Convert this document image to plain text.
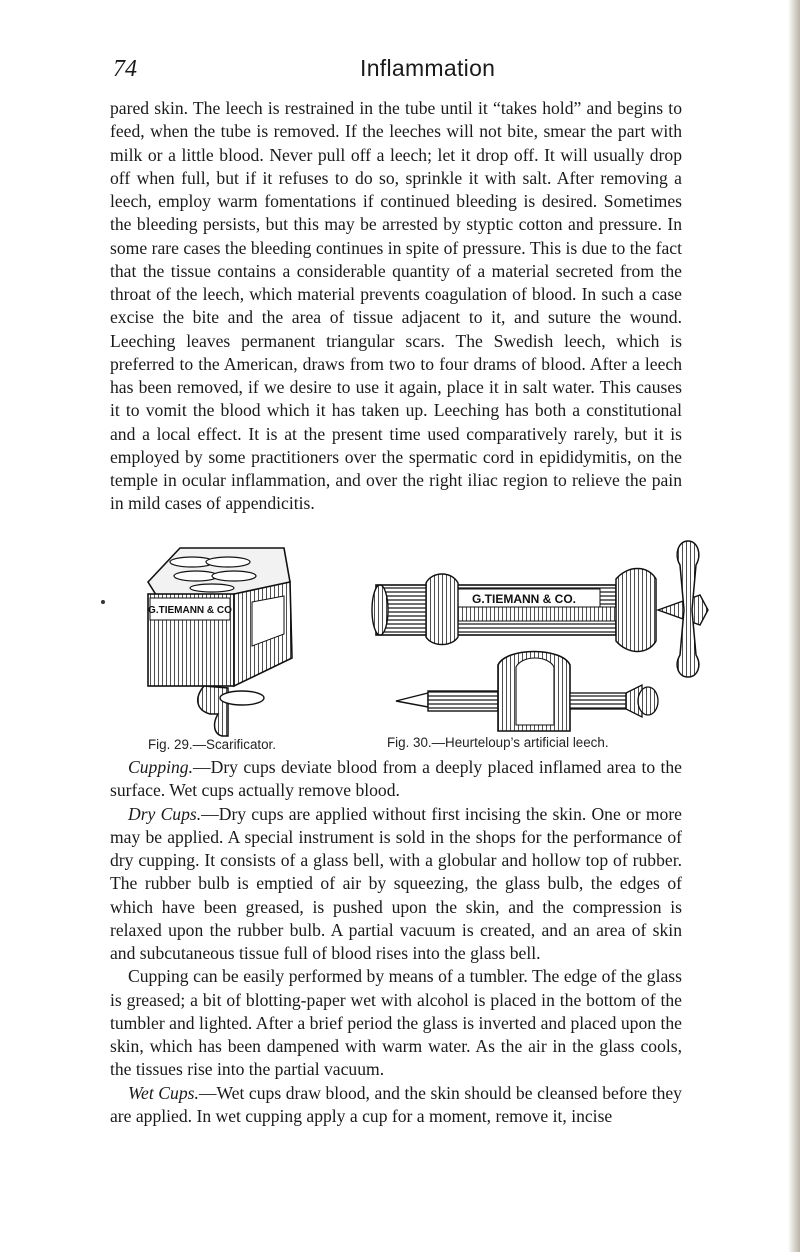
74	Inflammation

pared skin. The leech is restrained in the tube until it “takes hold” and begins to feed, when the tube is removed. If the leeches will not bite, smear the part with milk or a little blood. Never pull off a leech; let it drop off. It will usually drop off when full, but if it refuses to do so, sprinkle it with salt. After removing a leech, employ warm fomentations if continued bleeding is desired. Sometimes the bleeding persists, but this may be arrested by styptic cotton and pressure. In some rare cases the bleeding continues in spite of pressure. This is due to the fact that the tissue contains a considerable quantity of a material secreted from the throat of the leech, which material prevents coagulation of blood. In such a case excise the bite and the area of tissue adjacent to it, and suture the wound. Leeching leaves permanent triangular scars. The Swedish leech, which is preferred to the American, draws from two to four drams of blood. After a leech has been removed, if we desire to use it again, place it in salt water. This causes it to vomit the blood which it has taken up. Leeching has both a constitutional and a local effect. It is at the present time used comparatively rarely, but it is employed by some practitioners over the spermatic cord in epididymitis, on the temple in ocular inflammation, and over the right iliac region to relieve the pain in mild cases of appendicitis.

G.TIEMANN & CO
Fig. 29.—Scarificator.
G.TIEMANN & CO.
Fig. 30.—Heurteloup’s artificial leech.

Cupping.—Dry cups deviate blood from a deeply placed inflamed area to the surface. Wet cups actually remove blood.

Dry Cups.—Dry cups are applied without first incising the skin. One or more may be applied. A special instrument is sold in the shops for the performance of dry cupping. It consists of a glass bell, with a globular and hollow top of rubber. The rubber bulb is emptied of air by squeezing, the glass bulb, the edges of which have been greased, is pushed upon the skin, and the compression is relaxed upon the rubber bulb. A partial vacuum is created, and an area of skin and subcutaneous tissue full of blood rises into the glass bell.

Cupping can be easily performed by means of a tumbler. The edge of the glass is greased; a bit of blotting-paper wet with alcohol is placed in the bottom of the tumbler and lighted. After a brief period the glass is inverted and placed upon the skin, which has been dampened with warm water. As the air in the glass cools, the tissues rise into the partial vacuum.

Wet Cups.—Wet cups draw blood, and the skin should be cleansed before they are applied. In wet cupping apply a cup for a moment, remove it, incise
